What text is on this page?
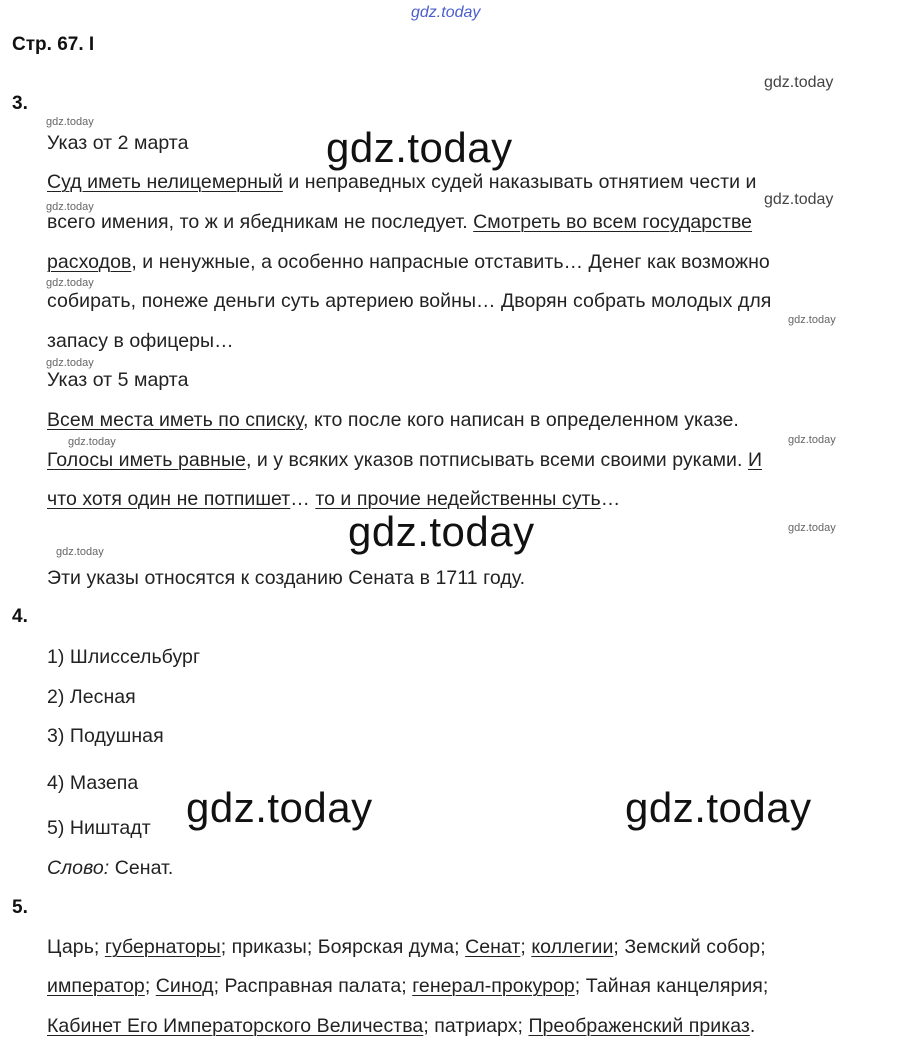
gdz.today
Стр. 67. I
gdz.today
3.
gdz.today
Указ от 2 марта	gdz.today
Суд иметь нелицемерный и неправедных судей наказывать отнятием чести и
gdz.today	gdz.today
всего имения, то ж и ябедникам не последует. Смотреть во всем государстве
расходов, и ненужные, а особенно напрасные отставить… Денег как возможно
gdz.today
собирать, понеже деньги суть артериею войны… Дворян собрать молодых для
gdz.today
запасу в офицеры…
gdz.today
Указ от 5 марта
Всем места иметь по списку, кто после кого написан в определенном указе.
gdz.today	gdz.today
Голосы иметь равные, и у всяких указов потписывать всеми своими руками. И
что хотя один не потпишет… то и прочие недейственны суть…
gdz.today
gdz.today
gdz.today
Эти указы относятся к созданию Сената в 1711 году.
4.
1) Шлиссельбург
2) Лесная
3) Подушная
4) Мазепа
5) Ништадт gdz.today	gdz.today
Слово: Сенат.
5.
Царь; губернаторы; приказы; Боярская дума; Сенат; коллегии; Земский собор;
император; Синод; Расправная палата; генерал-прокурор; Тайная канцелярия;
Кабинет Его Императорского Величества; патриарх; Преображенский приказ.
